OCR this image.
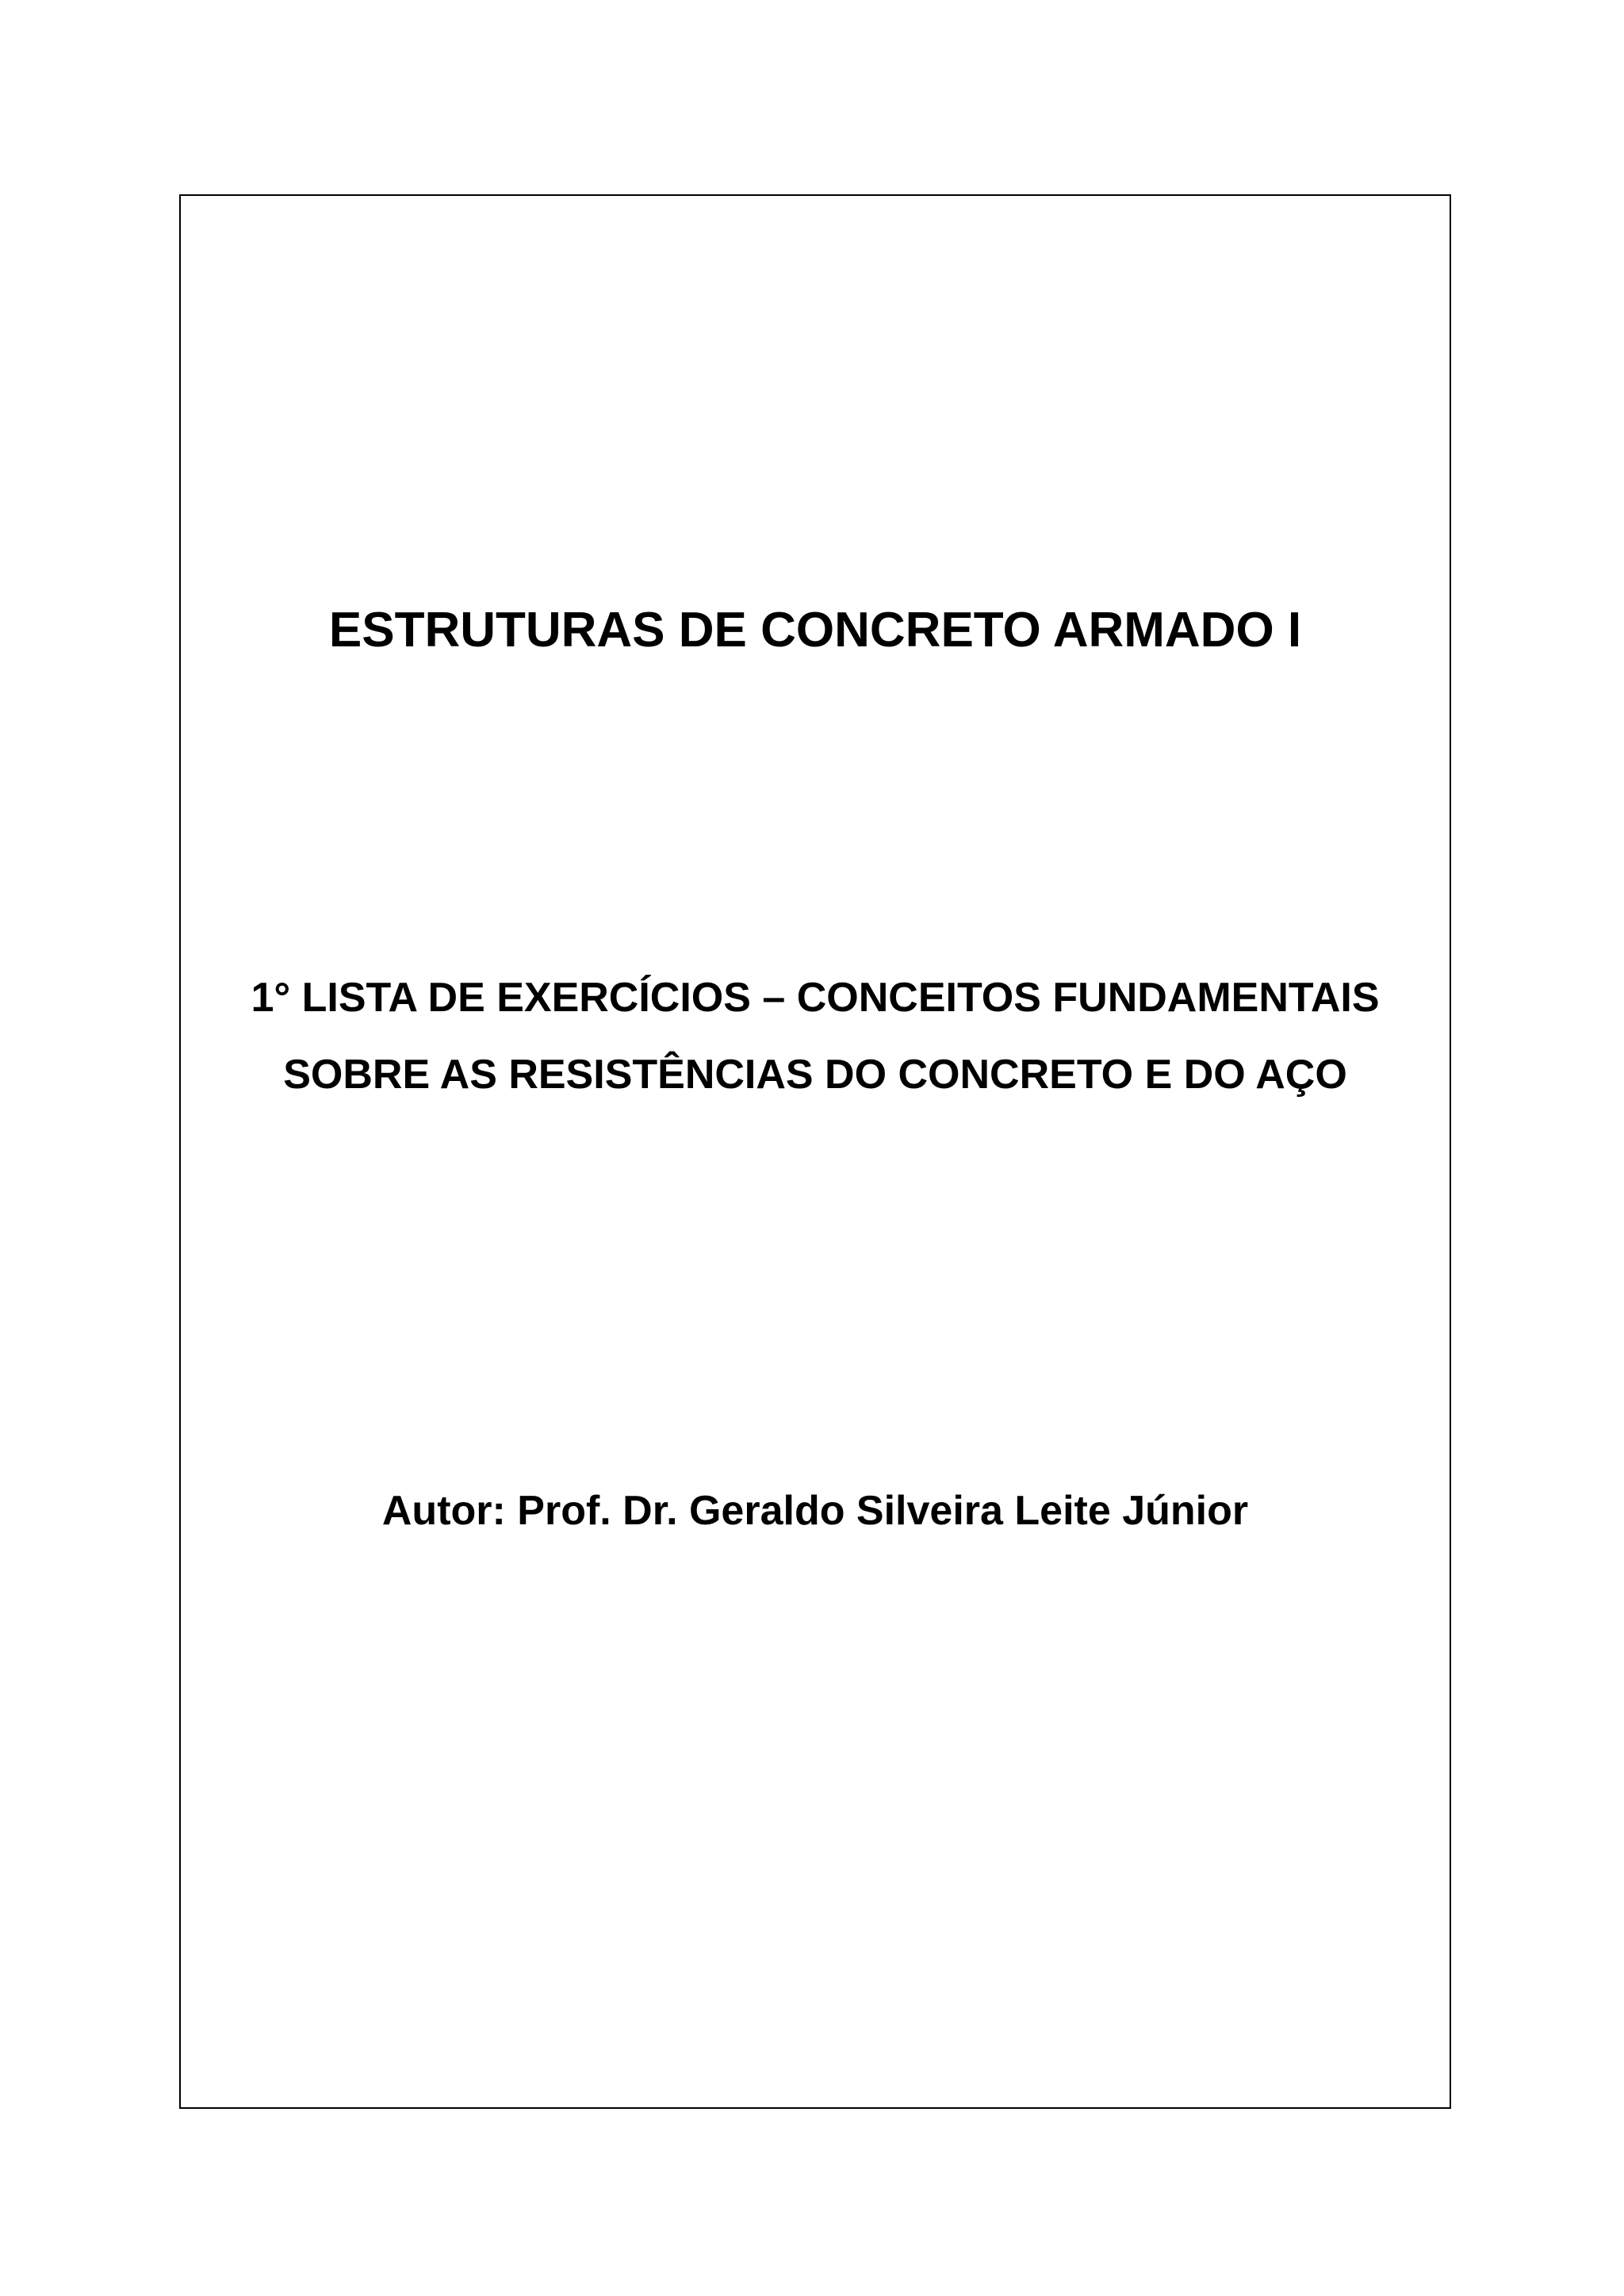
ESTRUTURAS DE CONCRETO ARMADO I
1° LISTA DE EXERCÍCIOS – CONCEITOS FUNDAMENTAIS
SOBRE AS RESISTÊNCIAS DO CONCRETO E DO AÇO
Autor: Prof. Dr. Geraldo Silveira Leite Júnior
